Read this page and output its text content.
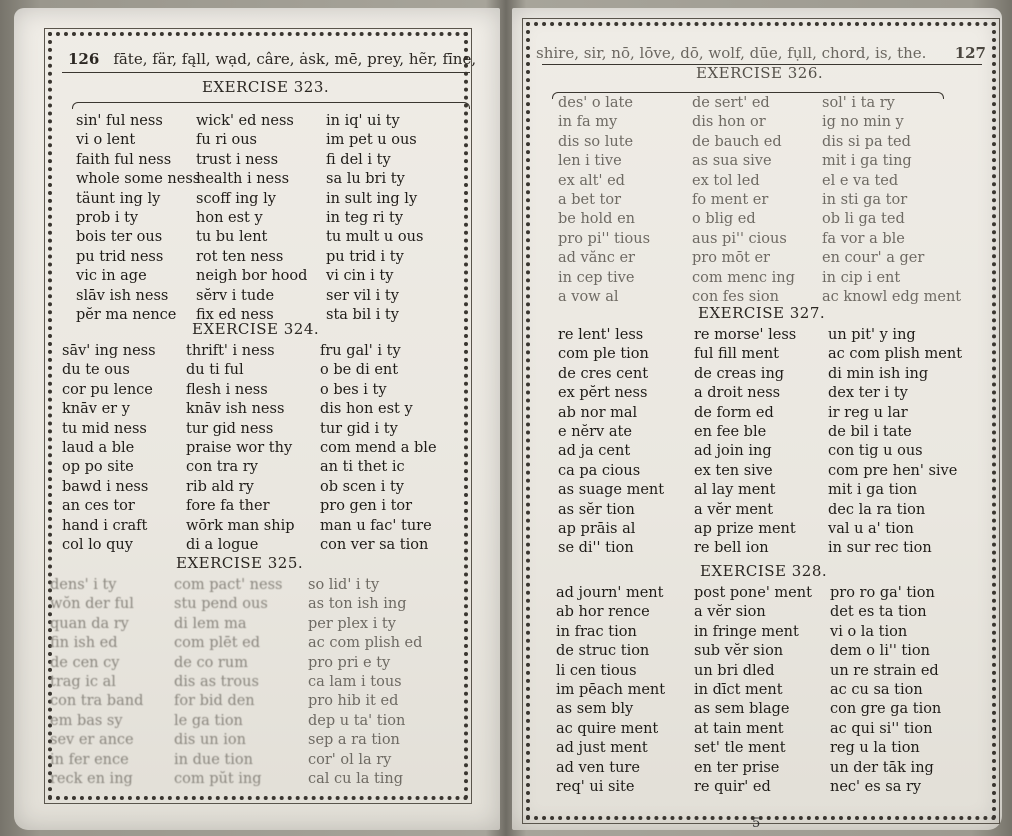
126 fāte, fär, fąll, wạd, câre, ȧsk, mē, prey, hẽr, fīne,
EXERCISE 323.
sin' ful ness
vi o lent
faith ful ness
whole some ness
täunt ing ly
prob i ty
bois ter ous
pu trid ness
vic in age
slāv ish ness
pĕr ma nence
wick' ed ness
fu ri ous
trust i ness
health i ness
scoff ing ly
hon est y
tu bu lent
rot ten ness
neigh bor hood
sĕrv i tude
fix ed ness
in iq' ui ty
im pet u ous
fi del i ty
sa lu bri ty
in sult ing ly
in teg ri ty
tu mult u ous
pu trid i ty
vi cin i ty
ser vil i ty
sta bil i ty
EXERCISE 324.
sāv' ing ness
du te ous
cor pu lence
knāv er y
tu mid ness
laud a ble
op po site
bawd i ness
an ces tor
hand i craft
col lo quy
thrift' i ness
du ti ful
flesh i ness
knāv ish ness
tur gid ness
praise wor thy
con tra ry
rib ald ry
fore fa ther
wōrk man ship
di a logue
fru gal' i ty
o be di ent
o bes i ty
dis hon est y
tur gid i ty
com mend a ble
an ti thet ic
ob scen i ty
pro gen i tor
man u fac' ture
con ver sa tion
EXERCISE 325.
dens' i ty
wŏn der ful
quan da ry
fin ish ed
de cen cy
trag ic al
con tra band
em bas sy
sev er ance
in fer ence
reck en ing
com pact' ness
stu pend ous
di lem ma
com plēt ed
de co rum
dis as trous
for bid den
le ga tion
dis un ion
in due tion
com pŭt ing
so lid' i ty
as ton ish ing
per plex i ty
ac com plish ed
pro pri e ty
ca lam i tous
pro hib it ed
dep u ta' tion
sep a ra tion
cor' ol la ry
cal cu la ting
shire, sir, nō, lōve, dō, wolf, dūe, fụll, chord, is, the. 127
EXERCISE 326.
des' o late
in fa my
dis so lute
len i tive
ex alt' ed
a bet tor
be hold en
pro pi'' tious
ad vănc er
in cep tive
a vow al
de sert' ed
dis hon or
de bauch ed
as sua sive
ex tol led
fo ment er
o blig ed
aus pi'' cious
pro mōt er
com menc ing
con fes sion
sol' i ta ry
ig no min y
dis si pa ted
mit i ga ting
el e va ted
in sti ga tor
ob li ga ted
fa vor a ble
en cour' a ger
in cip i ent
ac knowl edg ment
EXERCISE 327.
re lent' less
com ple tion
de cres cent
ex pĕrt ness
ab nor mal
e nĕrv ate
ad ja cent
ca pa cious
as suage ment
as sĕr tion
ap prāis al
se di'' tion
re morse' less
ful fill ment
de creas ing
a droit ness
de form ed
en fee ble
ad join ing
ex ten sive
al lay ment
a vĕr ment
ap prize ment
re bell ion
un pit' y ing
ac com plish ment
di min ish ing
dex ter i ty
ir reg u lar
de bil i tate
con tig u ous
com pre hen' sive
mit i ga tion
dec la ra tion
val u a' tion
in sur rec tion
EXERCISE 328.
ad journ' ment
ab hor rence
in frac tion
de struc tion
li cen tious
im pēach ment
as sem bly
ac quire ment
ad just ment
ad ven ture
req' ui site
post pone' ment
a vĕr sion
in fringe ment
sub vĕr sion
un bri dled
in dīct ment
as sem blage
at tain ment
set' tle ment
en ter prise
re quir' ed
pro ro ga' tion
det es ta tion
vi o la tion
dem o li'' tion
un re strain ed
ac cu sa tion
con gre ga tion
ac qui si'' tion
reg u la tion
un der tāk ing
nec' es sa ry
5
